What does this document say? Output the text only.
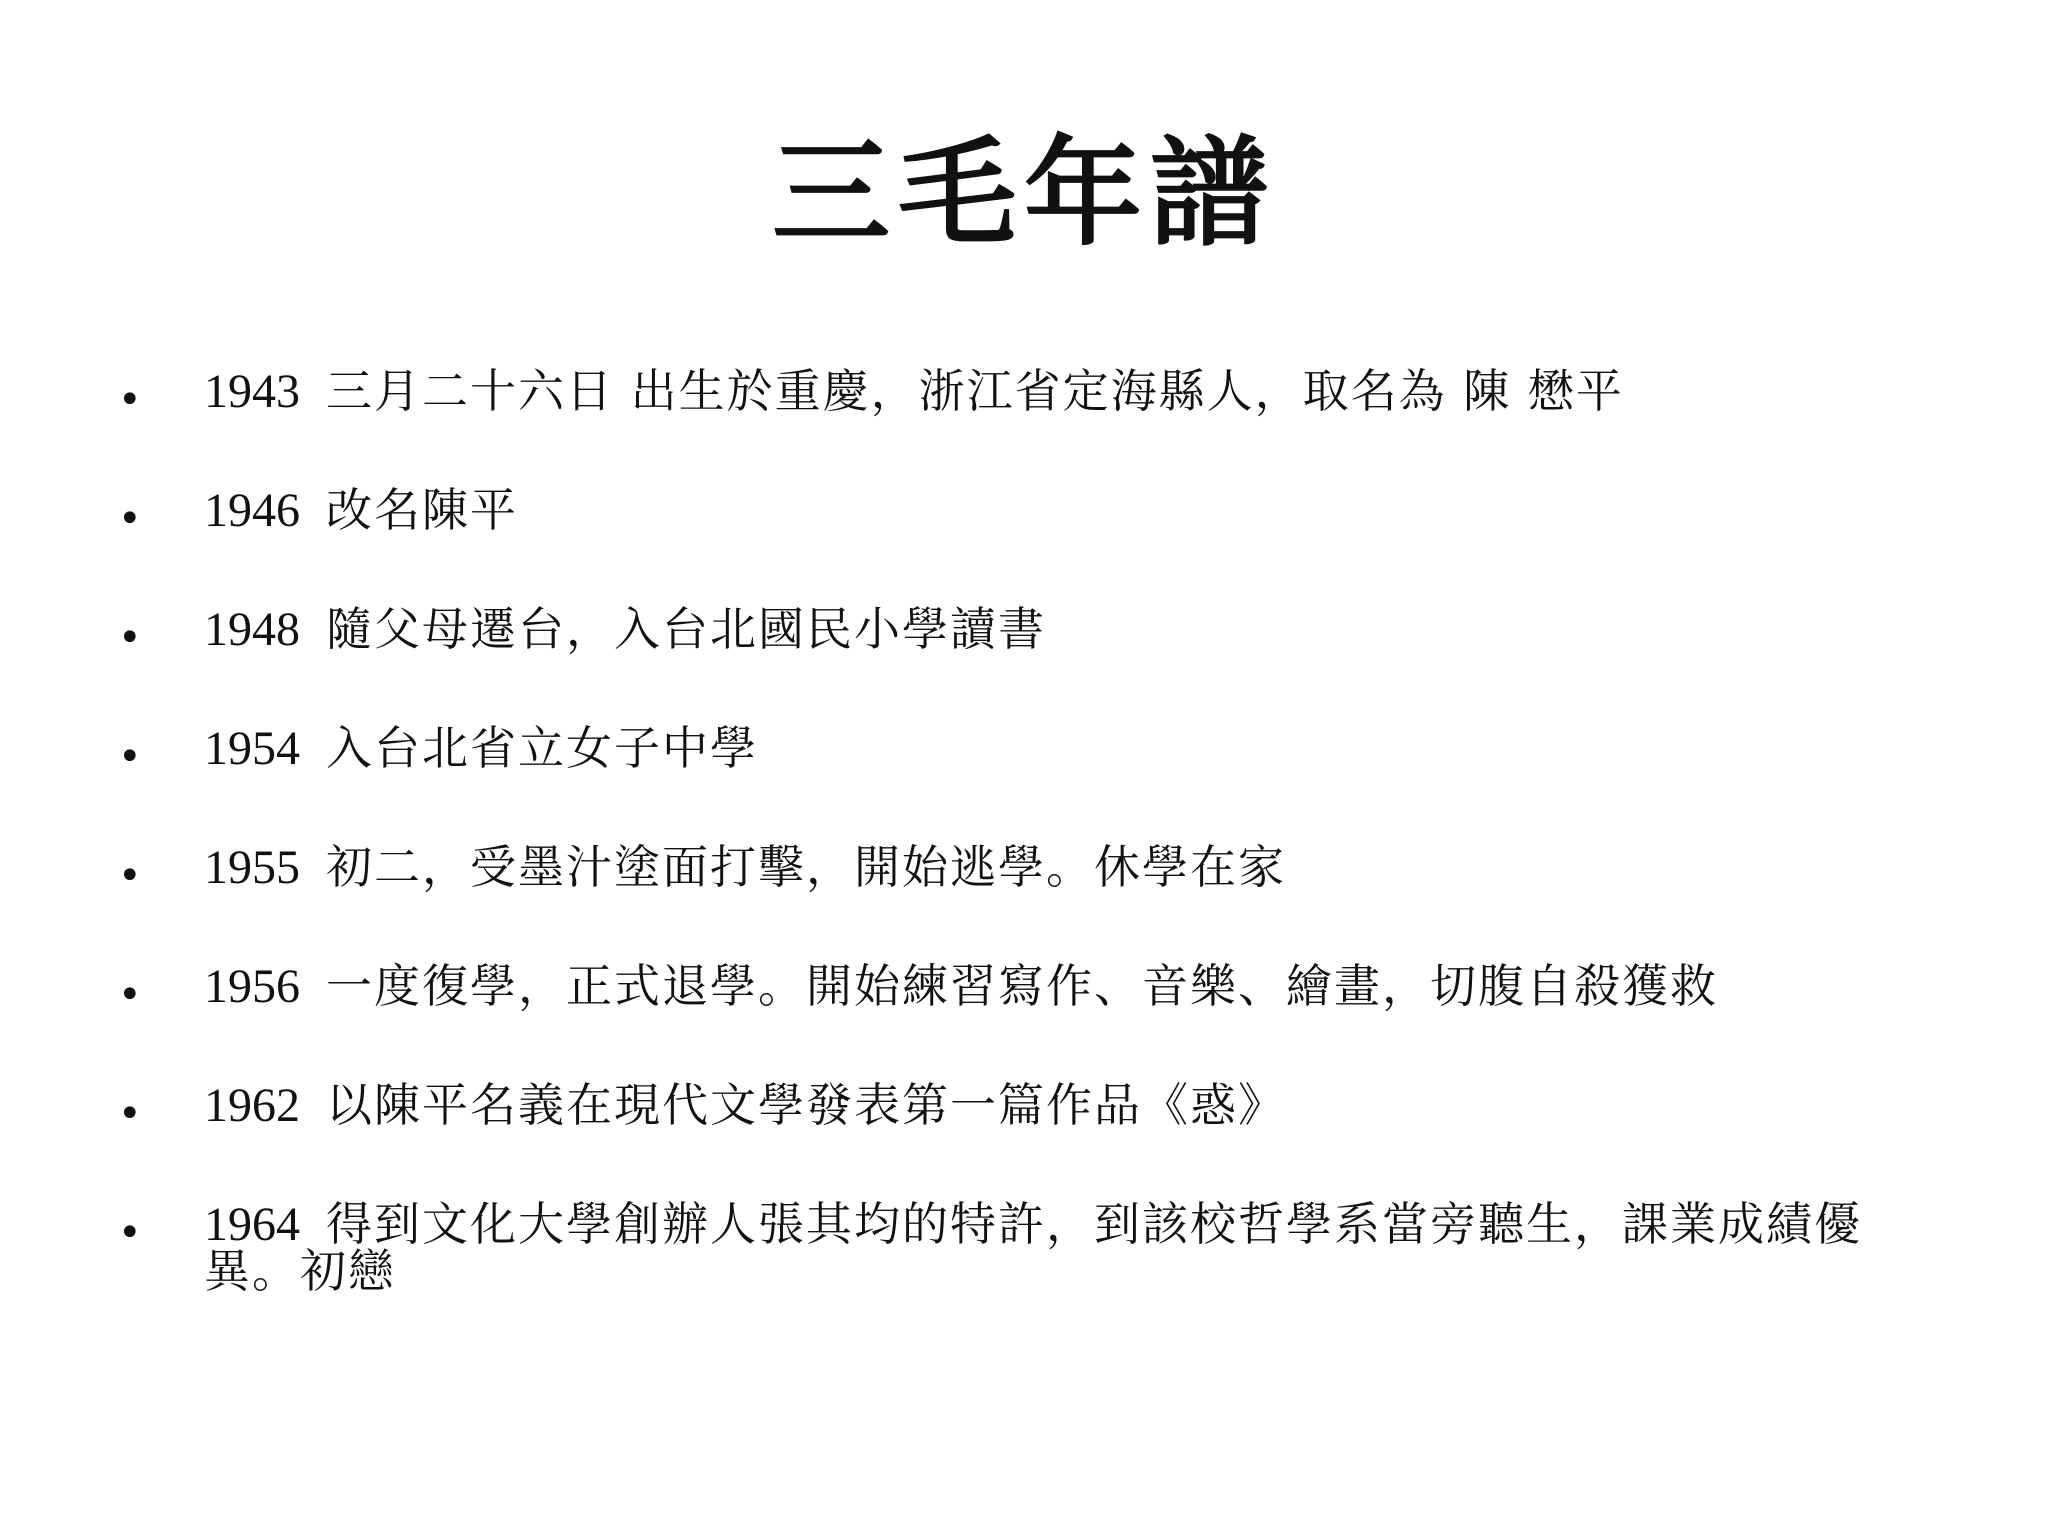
三毛年譜
• 1943 三月二十六日 出生於重慶，浙江省定海縣人，取名為 陳 懋平
• 1946 改名陳平
• 1948 隨父母遷台，入台北國民小學讀書
• 1954 入台北省立女子中學
• 1955 初二，受墨汁塗面打擊，開始逃學。休學在家
• 1956 一度復學，正式退學。開始練習寫作、音樂、繪畫，切腹自殺獲救
• 1962 以陳平名義在現代文學發表第一篇作品《惑》
• 1964 得到文化大學創辦人張其均的特許，到該校哲學系當旁聽生，課業成績優異。初戀
